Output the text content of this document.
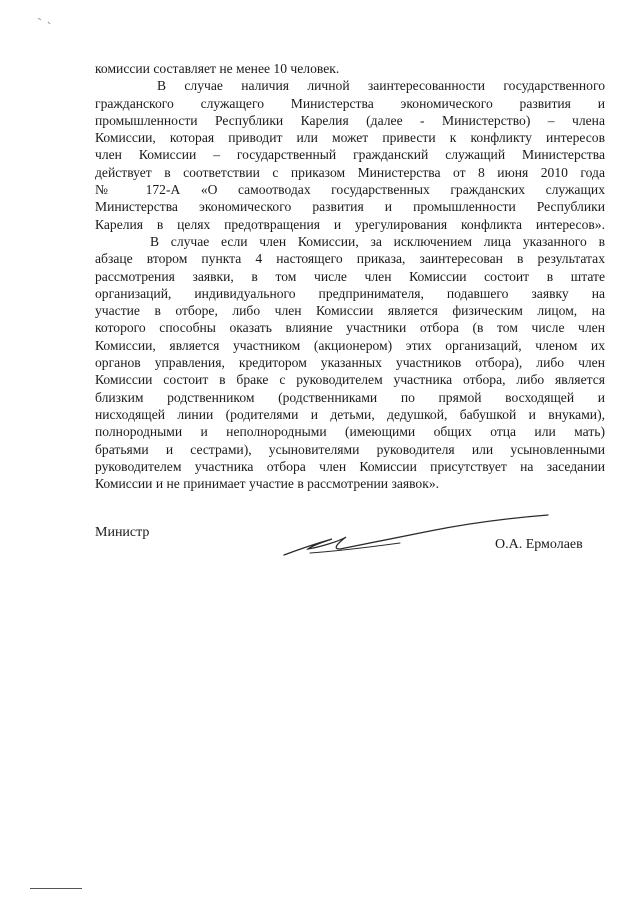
комиссии составляет не менее 10 человек.
В случае наличия личной заинтересованности государственного
гражданского служащего Министерства экономического развития и
промышленности Республики Карелия (далее - Министерство) – члена
Комиссии, которая приводит или может привести к конфликту интересов
член Комиссии – государственный гражданский служащий Министерства
действует в соответствии с приказом Министерства от 8 июня 2010 года
№ 172-А «О самоотводах государственных гражданских служащих
Министерства экономического развития и промышленности Республики
Карелия в целях предотвращения и урегулирования конфликта интересов».
В случае если член Комиссии, за исключением лица указанного в
абзаце втором пункта 4 настоящего приказа, заинтересован в результатах
рассмотрения заявки, в том числе член Комиссии состоит в штате
организаций, индивидуального предпринимателя, подавшего заявку на
участие в отборе, либо член Комиссии является физическим лицом, на
которого способны оказать влияние участники отбора (в том числе член
Комиссии, является участником (акционером) этих организаций, членом их
органов управления, кредитором указанных участников отбора), либо член
Комиссии состоит в браке с руководителем участника отбора, либо является
близким родственником (родственниками по прямой восходящей и
нисходящей линии (родителями и детьми, дедушкой, бабушкой и внуками),
полнородными и неполнородными (имеющими общих отца или мать)
братьями и сестрами), усыновителями руководителя или усыновленными
руководителем участника отбора член Комиссии присутствует на заседании
Комиссии и не принимает участие в рассмотрении заявок».
Министр
О.А. Ермолаев
